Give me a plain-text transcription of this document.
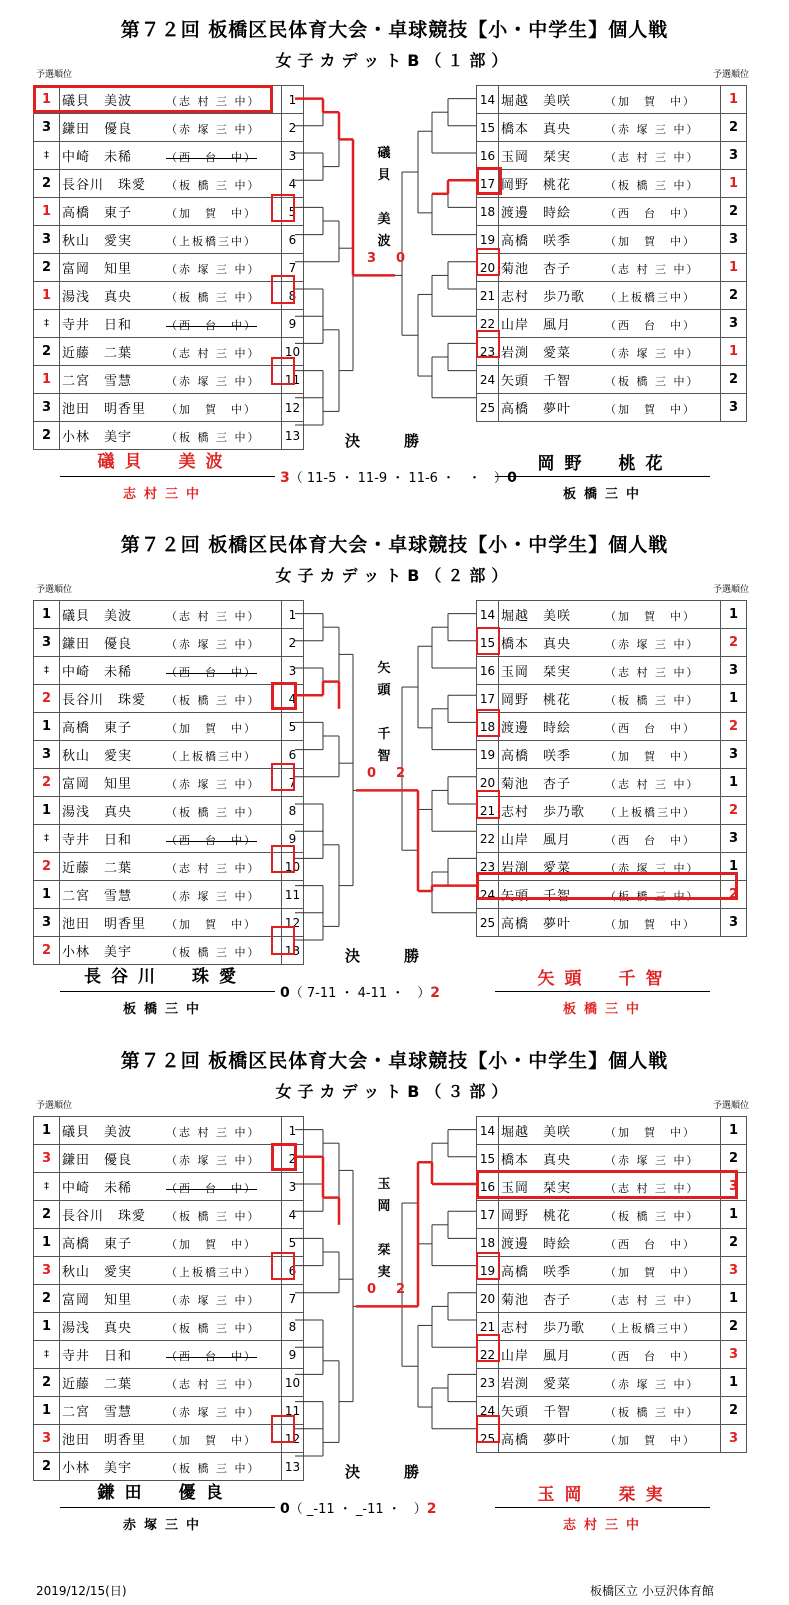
第７２回 板橋区民体育大会・卓球競技【小・中学生】個人戦
女子カデットB（１部）
予選順位	予選順位
1	礒貝　美波 （志 村 三 中）	1
3	鎌田　優良 （赤 塚 三 中）	2
‡	中崎　未稀 （西　台　中）	3
2	長谷川　珠愛 （板 橋 三 中）	4
1	高橋　東子 （加　賀　中）	5
3	秋山　愛実 （上板橋三中）	6
2	富岡　知里 （赤 塚 三 中）	7
1	湯浅　真央 （板 橋 三 中）	8
‡	寺井　日和 （西　台　中）	9
2	近藤　二葉 （志 村 三 中）	10
1	二宮　雪慧 （赤 塚 三 中）	11
3	池田　明香里 （加　賀　中）	12
2	小林　美宇 （板 橋 三 中）	13
14	堀越　美咲 （加　賀　中）	1
15	橋本　真央 （赤 塚 三 中）	2
16	玉岡　栞実 （志 村 三 中）	3
17	岡野　桃花 （板 橋 三 中）	1
18	渡邊　時絵 （西　台　中）	2
19	高橋　咲季 （加　賀　中）	3
20	菊池　杏子 （志 村 三 中）	1
21	志村　歩乃歌 （上板橋三中）	2
22	山岸　風月 （西　台　中）	3
23	岩渕　愛菜 （赤 塚 三 中）	1
24	矢頭　千智 （板 橋 三 中）	2
25	高橋　夢叶 （加　賀　中）	3
礒
貝
美
波
3 0
決勝
礒貝　美波
志村三中
岡野　桃花
板橋三中
3（ 11-5 ・ 11-9 ・ 11-6 ・　・　）0
第７２回 板橋区民体育大会・卓球競技【小・中学生】個人戦
女子カデットB（２部）
予選順位	予選順位
1	礒貝　美波 （志 村 三 中）	1
3	鎌田　優良 （赤 塚 三 中）	2
‡	中崎　未稀 （西　台　中）	3
2	長谷川　珠愛 （板 橋 三 中）	4
1	高橋　東子 （加　賀　中）	5
3	秋山　愛実 （上板橋三中）	6
2	富岡　知里 （赤 塚 三 中）	7
1	湯浅　真央 （板 橋 三 中）	8
‡	寺井　日和 （西　台　中）	9
2	近藤　二葉 （志 村 三 中）	10
1	二宮　雪慧 （赤 塚 三 中）	11
3	池田　明香里 （加　賀　中）	12
2	小林　美宇 （板 橋 三 中）	13
14	堀越　美咲 （加　賀　中）	1
15	橋本　真央 （赤 塚 三 中）	2
16	玉岡　栞実 （志 村 三 中）	3
17	岡野　桃花 （板 橋 三 中）	1
18	渡邊　時絵 （西　台　中）	2
19	高橋　咲季 （加　賀　中）	3
20	菊池　杏子 （志 村 三 中）	1
21	志村　歩乃歌 （上板橋三中）	2
22	山岸　風月 （西　台　中）	3
23	岩渕　愛菜 （赤 塚 三 中）	1
24	矢頭　千智 （板 橋 三 中）	2
25	高橋　夢叶 （加　賀　中）	3
矢
頭
千
智
0 2
決勝
長谷川　珠愛
板橋三中
矢頭　千智
板橋三中
0（ 7-11 ・ 4-11 ・　）2
第７２回 板橋区民体育大会・卓球競技【小・中学生】個人戦
女子カデットB（３部）
予選順位	予選順位
1	礒貝　美波 （志 村 三 中）	1
3	鎌田　優良 （赤 塚 三 中）	2
‡	中崎　未稀 （西　台　中）	3
2	長谷川　珠愛 （板 橋 三 中）	4
1	高橋　東子 （加　賀　中）	5
3	秋山　愛実 （上板橋三中）	6
2	富岡　知里 （赤 塚 三 中）	7
1	湯浅　真央 （板 橋 三 中）	8
‡	寺井　日和 （西　台　中）	9
2	近藤　二葉 （志 村 三 中）	10
1	二宮　雪慧 （赤 塚 三 中）	11
3	池田　明香里 （加　賀　中）	12
2	小林　美宇 （板 橋 三 中）	13
14	堀越　美咲 （加　賀　中）	1
15	橋本　真央 （赤 塚 三 中）	2
16	玉岡　栞実 （志 村 三 中）	3
17	岡野　桃花 （板 橋 三 中）	1
18	渡邊　時絵 （西　台　中）	2
19	高橋　咲季 （加　賀　中）	3
20	菊池　杏子 （志 村 三 中）	1
21	志村　歩乃歌 （上板橋三中）	2
22	山岸　風月 （西　台　中）	3
23	岩渕　愛菜 （赤 塚 三 中）	1
24	矢頭　千智 （板 橋 三 中）	2
25	高橋　夢叶 （加　賀　中）	3
玉
岡
栞
実
0 2
決勝
鎌田　優良
赤塚三中
玉岡　栞実
志村三中
0（ _-11 ・ _-11 ・　）2
2019/12/15(日)	板橋区立 小豆沢体育館
